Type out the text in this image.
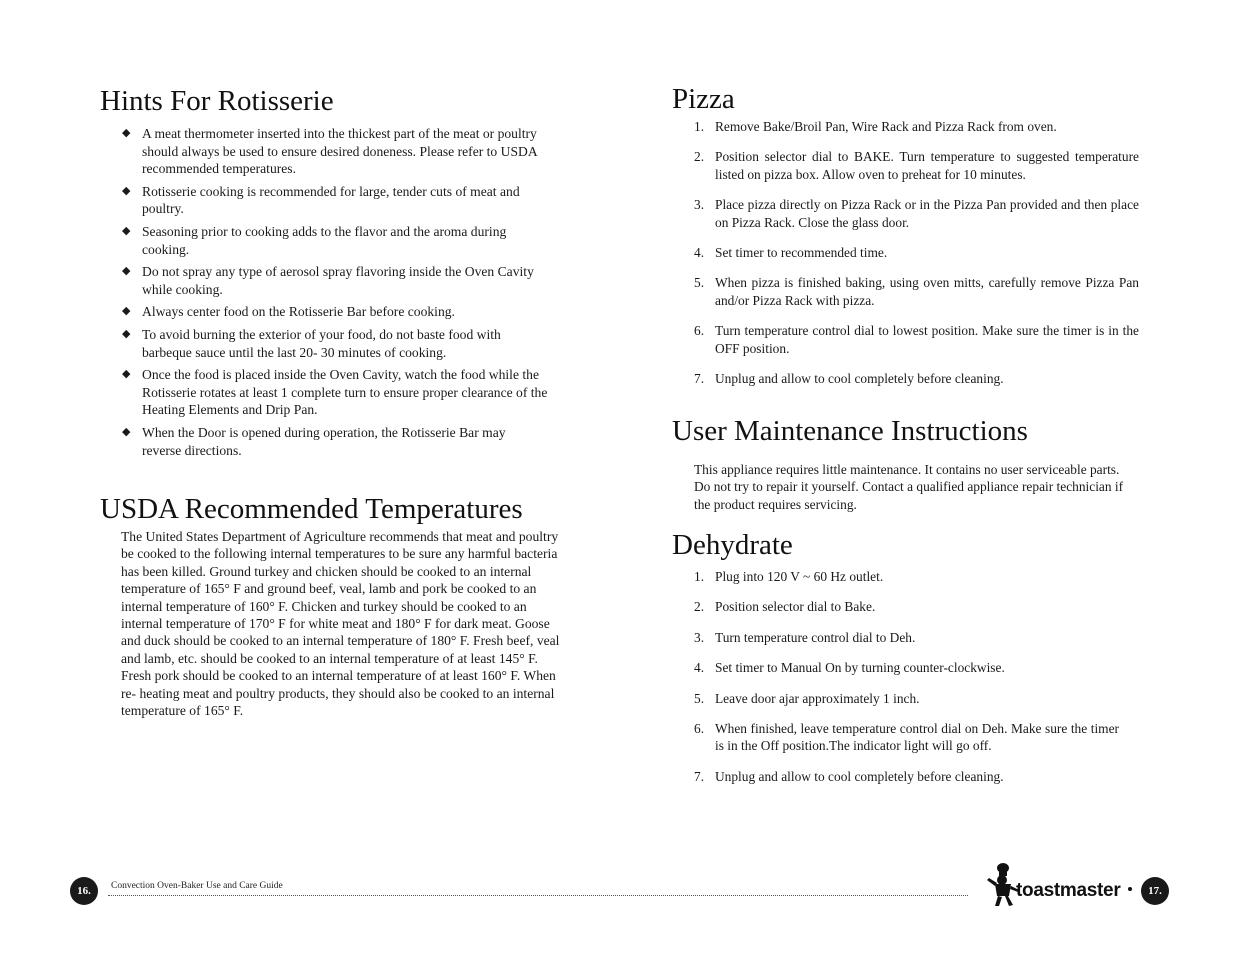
Hints For Rotisserie
◆ A meat thermometer inserted into the thickest part of the meat or poultry should always be used to ensure desired doneness. Please refer to USDA recommended temperatures.
◆ Rotisserie cooking is recommended for large, tender cuts of meat and poultry.
◆ Seasoning prior to cooking adds to the flavor and the aroma during cooking.
◆ Do not spray any type of aerosol spray flavoring inside the Oven Cavity while cooking.
◆ Always center food on the Rotisserie Bar before cooking.
◆ To avoid burning the exterior of your food, do not baste food with barbeque sauce until the last 20- 30 minutes of cooking.
◆ Once the food is placed inside the Oven Cavity, watch the food while the Rotisserie rotates at least 1 complete turn to ensure proper clearance of the Heating Elements and Drip Pan.
◆ When the Door is opened during operation, the Rotisserie Bar may reverse directions.
USDA Recommended Temperatures

The United States Department of Agriculture recommends that meat and poultry be cooked to the following internal temperatures to be sure any harmful bacteria has been killed. Ground turkey and chicken should be cooked to an internal temperature of 165° F and ground beef, veal, lamb and pork be cooked to an internal temperature of 160° F. Chicken and turkey should be cooked to an internal temperature of 170° F for white meat and 180° F for dark meat. Goose and duck should be cooked to an internal temperature of 180° F. Fresh beef, veal and lamb, etc. should be cooked to an internal temperature of at least 145° F. Fresh pork should be cooked to an internal temperature of at least 160° F. When re- heating meat and poultry products, they should also be cooked to an internal temperature of 165° F.

Pizza
1. Remove Bake/Broil Pan, Wire Rack and Pizza Rack from oven.
2. Position selector dial to BAKE. Turn temperature to suggested temperature listed on pizza box. Allow oven to preheat for 10 minutes.
3. Place pizza directly on Pizza Rack or in the Pizza Pan provided and then place on Pizza Rack. Close the glass door.
4. Set timer to recommended time.
5. When pizza is finished baking, using oven mitts, carefully remove Pizza Pan and/or Pizza Rack with pizza.
6. Turn temperature control dial to lowest position. Make sure the timer is in the OFF position.
7. Unplug and allow to cool completely before cleaning.
User Maintenance Instructions

This appliance requires little maintenance. It contains no user serviceable parts. Do not try to repair it yourself. Contact a qualified appliance repair technician if the product requires servicing.

Dehydrate
1. Plug into 120 V ~ 60 Hz outlet.
2. Position selector dial to Bake.
3. Turn temperature control dial to Deh.
4. Set timer to Manual On by turning counter-clockwise.
5. Leave door ajar approximately 1 inch.
6. When finished, leave temperature control dial on Deh. Make sure the timer is in the Off position.The indicator light will go off.
7. Unplug and allow to cool completely before cleaning.
16.	Convection Oven-Baker Use and Care Guide	toastmaster	17.
